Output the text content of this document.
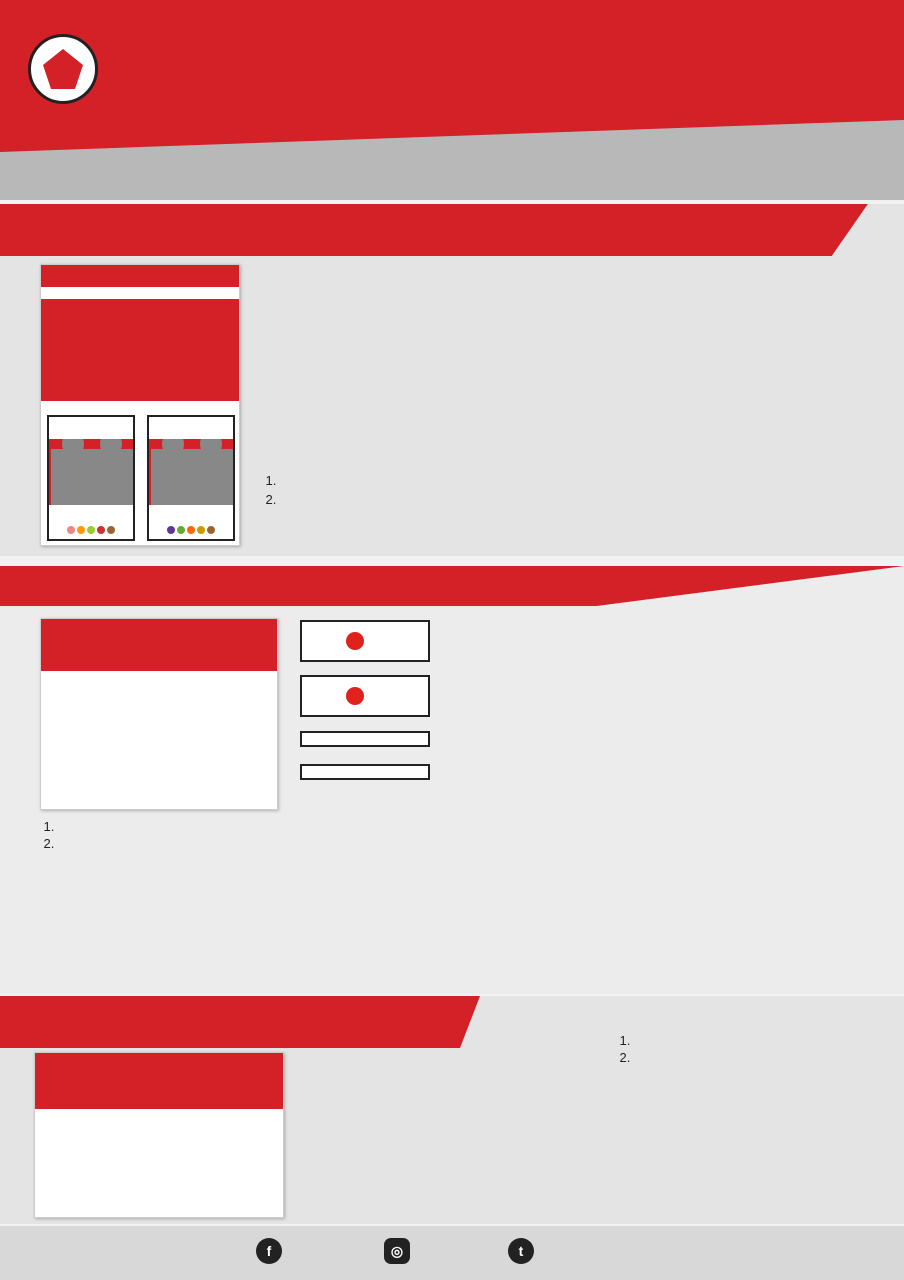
1.
2.
1.
2.
1.
2.
f	◎	t
